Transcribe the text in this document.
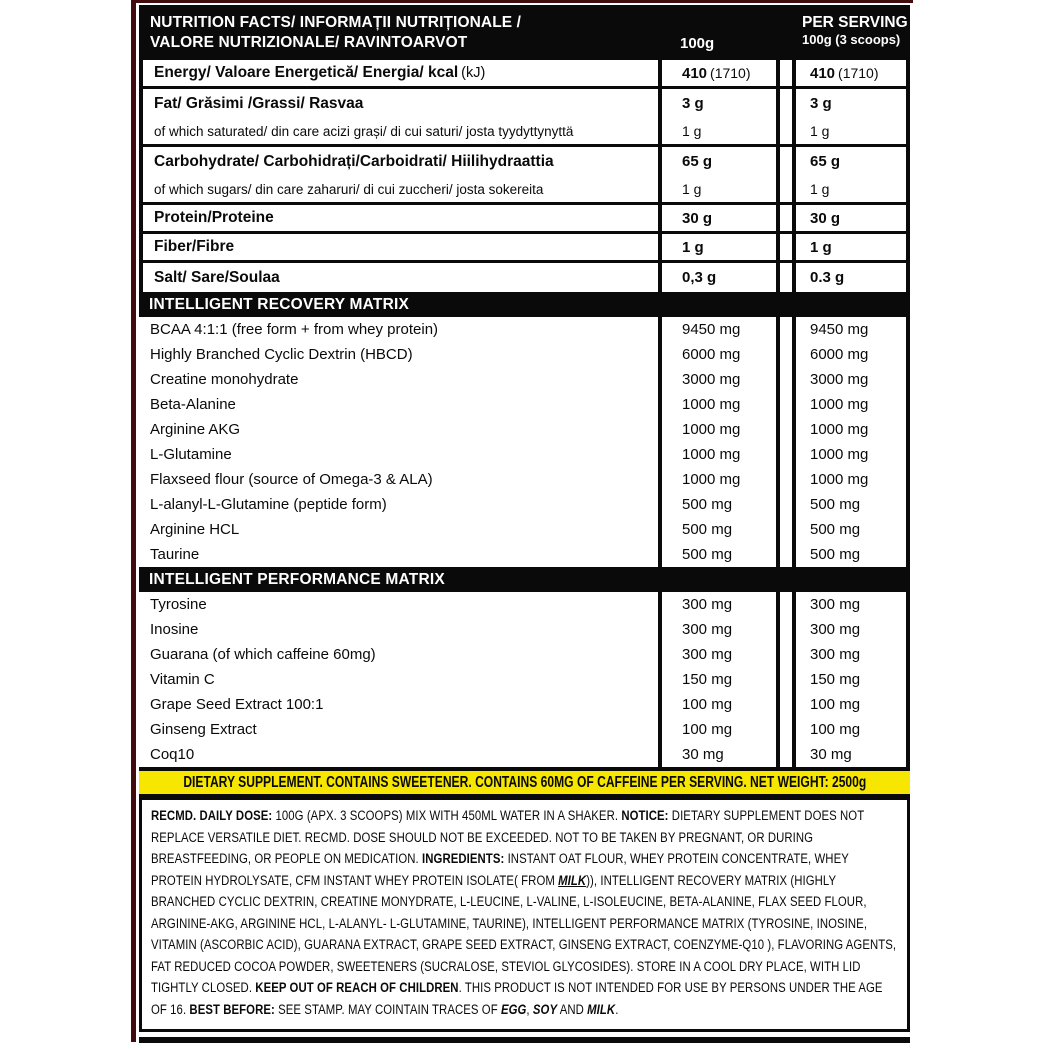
NUTRITION FACTS/ INFORMAȚII NUTRIȚIONALE /
VALORE NUTRIZIONALE/ RAVINTOARVOT	100g
PER SERVING
100g (3 scoops)
Energy/ Valoare Energetică/ Energia/ kcal (kJ)	410 (1710)	410 (1710)
Fat/ Grăsimi /Grassi/ Rasvaa	3 g	3 g
of which saturated/ din care acizi grași/ di cui saturi/ josta tyydyttynyttä	1 g	1 g
Carbohydrate/ Carbohidrați/Carboidrati/ Hiilihydraattia	65 g	65 g
of which sugars/ din care zaharuri/ di cui zuccheri/ josta sokereita	1 g	1 g
Protein/Proteine	30 g	30 g
Fiber/Fibre	1 g	1 g
Salt/ Sare/Soulaa	0,3 g	0.3 g
INTELLIGENT RECOVERY MATRIX
BCAA 4:1:1 (free form + from whey protein)	9450 mg	9450 mg
Highly Branched Cyclic Dextrin (HBCD)	6000 mg	6000 mg
Creatine monohydrate	3000 mg	3000 mg
Beta-Alanine	1000 mg	1000 mg
Arginine AKG	1000 mg	1000 mg
L-Glutamine	1000 mg	1000 mg
Flaxseed flour (source of Omega-3 & ALA)	1000 mg	1000 mg
L-alanyl-L-Glutamine (peptide form)	500 mg	500 mg
Arginine HCL	500 mg	500 mg
Taurine	500 mg	500 mg
INTELLIGENT PERFORMANCE MATRIX
Tyrosine	300 mg	300 mg
Inosine	300 mg	300 mg
Guarana (of which caffeine 60mg)	300 mg	300 mg
Vitamin C	150 mg	150 mg
Grape Seed Extract 100:1	100 mg	100 mg
Ginseng Extract	100 mg	100 mg
Coq10	30 mg	30 mg
DIETARY SUPPLEMENT. CONTAINS SWEETENER. CONTAINS 60MG OF CAFFEINE PER SERVING. NET WEIGHT: 2500g
RECMD. DAILY DOSE: 100G (APX. 3 SCOOPS) MIX WITH 450ML WATER IN A SHAKER. NOTICE: DIETARY SUPPLEMENT DOES NOT REPLACE VERSATILE DIET. RECMD. DOSE SHOULD NOT BE EXCEEDED. NOT TO BE TAKEN BY PREGNANT, OR DURING BREASTFEEDING, OR PEOPLE ON MEDICATION. INGREDIENTS: INSTANT OAT FLOUR, WHEY PROTEIN CONCENTRATE, WHEY PROTEIN HYDROLYSATE, CFM INSTANT WHEY PROTEIN ISOLATE( FROM MILK)), INTELLIGENT RECOVERY MATRIX (HIGHLY BRANCHED CYCLIC DEXTRIN, CREATINE MONYDRATE, L-LEUCINE, L-VALINE, L-ISOLEUCINE, BETA-ALANINE, FLAX SEED FLOUR, ARGININE-AKG, ARGININE HCL, L-ALANYL- L-GLUTAMINE, TAURINE), INTELLIGENT PERFORMANCE MATRIX (TYROSINE, INOSINE, VITAMIN (ASCORBIC ACID), GUARANA EXTRACT, GRAPE SEED EXTRACT, GINSENG EXTRACT, COENZYME-Q10 ), FLAVORING AGENTS, FAT REDUCED COCOA POWDER, SWEETENERS (SUCRALOSE, STEVIOL GLYCOSIDES). STORE IN A COOL DRY PLACE, WITH LID TIGHTLY CLOSED. KEEP OUT OF REACH OF CHILDREN. THIS PRODUCT IS NOT INTENDED FOR USE BY PERSONS UNDER THE AGE OF 16. BEST BEFORE: SEE STAMP. MAY COINTAIN TRACES OF EGG, SOY AND MILK.
